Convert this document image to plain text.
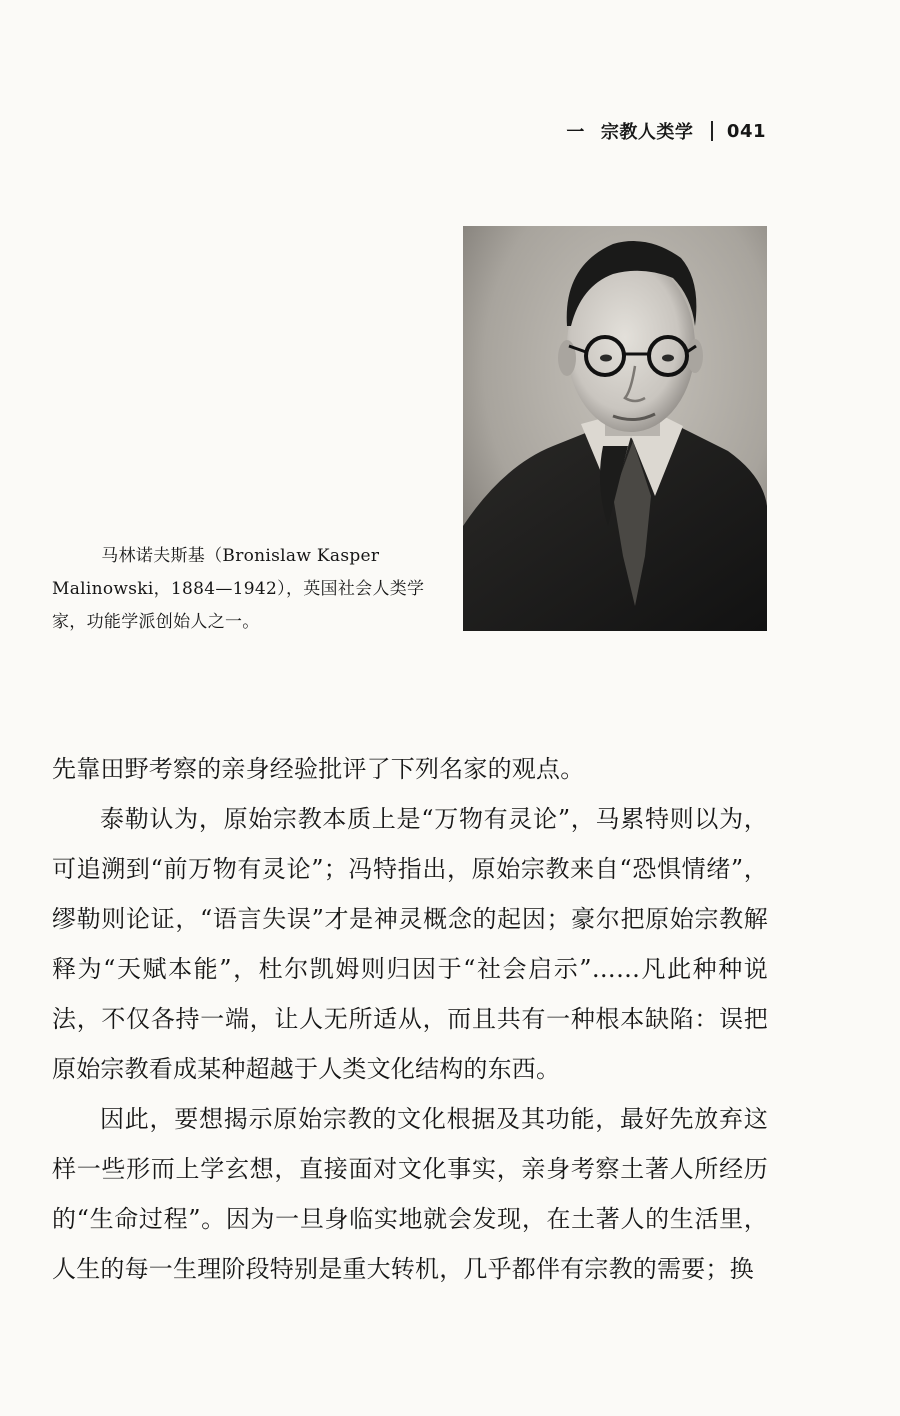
一 宗教人类学 041

马林诺夫斯基（Bronislaw Kasper Malinowski，1884—1942），英国社会人类学家，功能学派创始人之一。

先靠田野考察的亲身经验批评了下列名家的观点。

泰勒认为，原始宗教本质上是“万物有灵论”，马累特则以为，可追溯到“前万物有灵论”；冯特指出，原始宗教来自“恐惧情绪”，缪勒则论证，“语言失误”才是神灵概念的起因；豪尔把原始宗教解释为“天赋本能”，杜尔凯姆则归因于“社会启示”……凡此种种说法，不仅各持一端，让人无所适从，而且共有一种根本缺陷：误把原始宗教看成某种超越于人类文化结构的东西。

因此，要想揭示原始宗教的文化根据及其功能，最好先放弃这样一些形而上学玄想，直接面对文化事实，亲身考察土著人所经历的“生命过程”。因为一旦身临实地就会发现，在土著人的生活里，人生的每一生理阶段特别是重大转机，几乎都伴有宗教的需要；换
